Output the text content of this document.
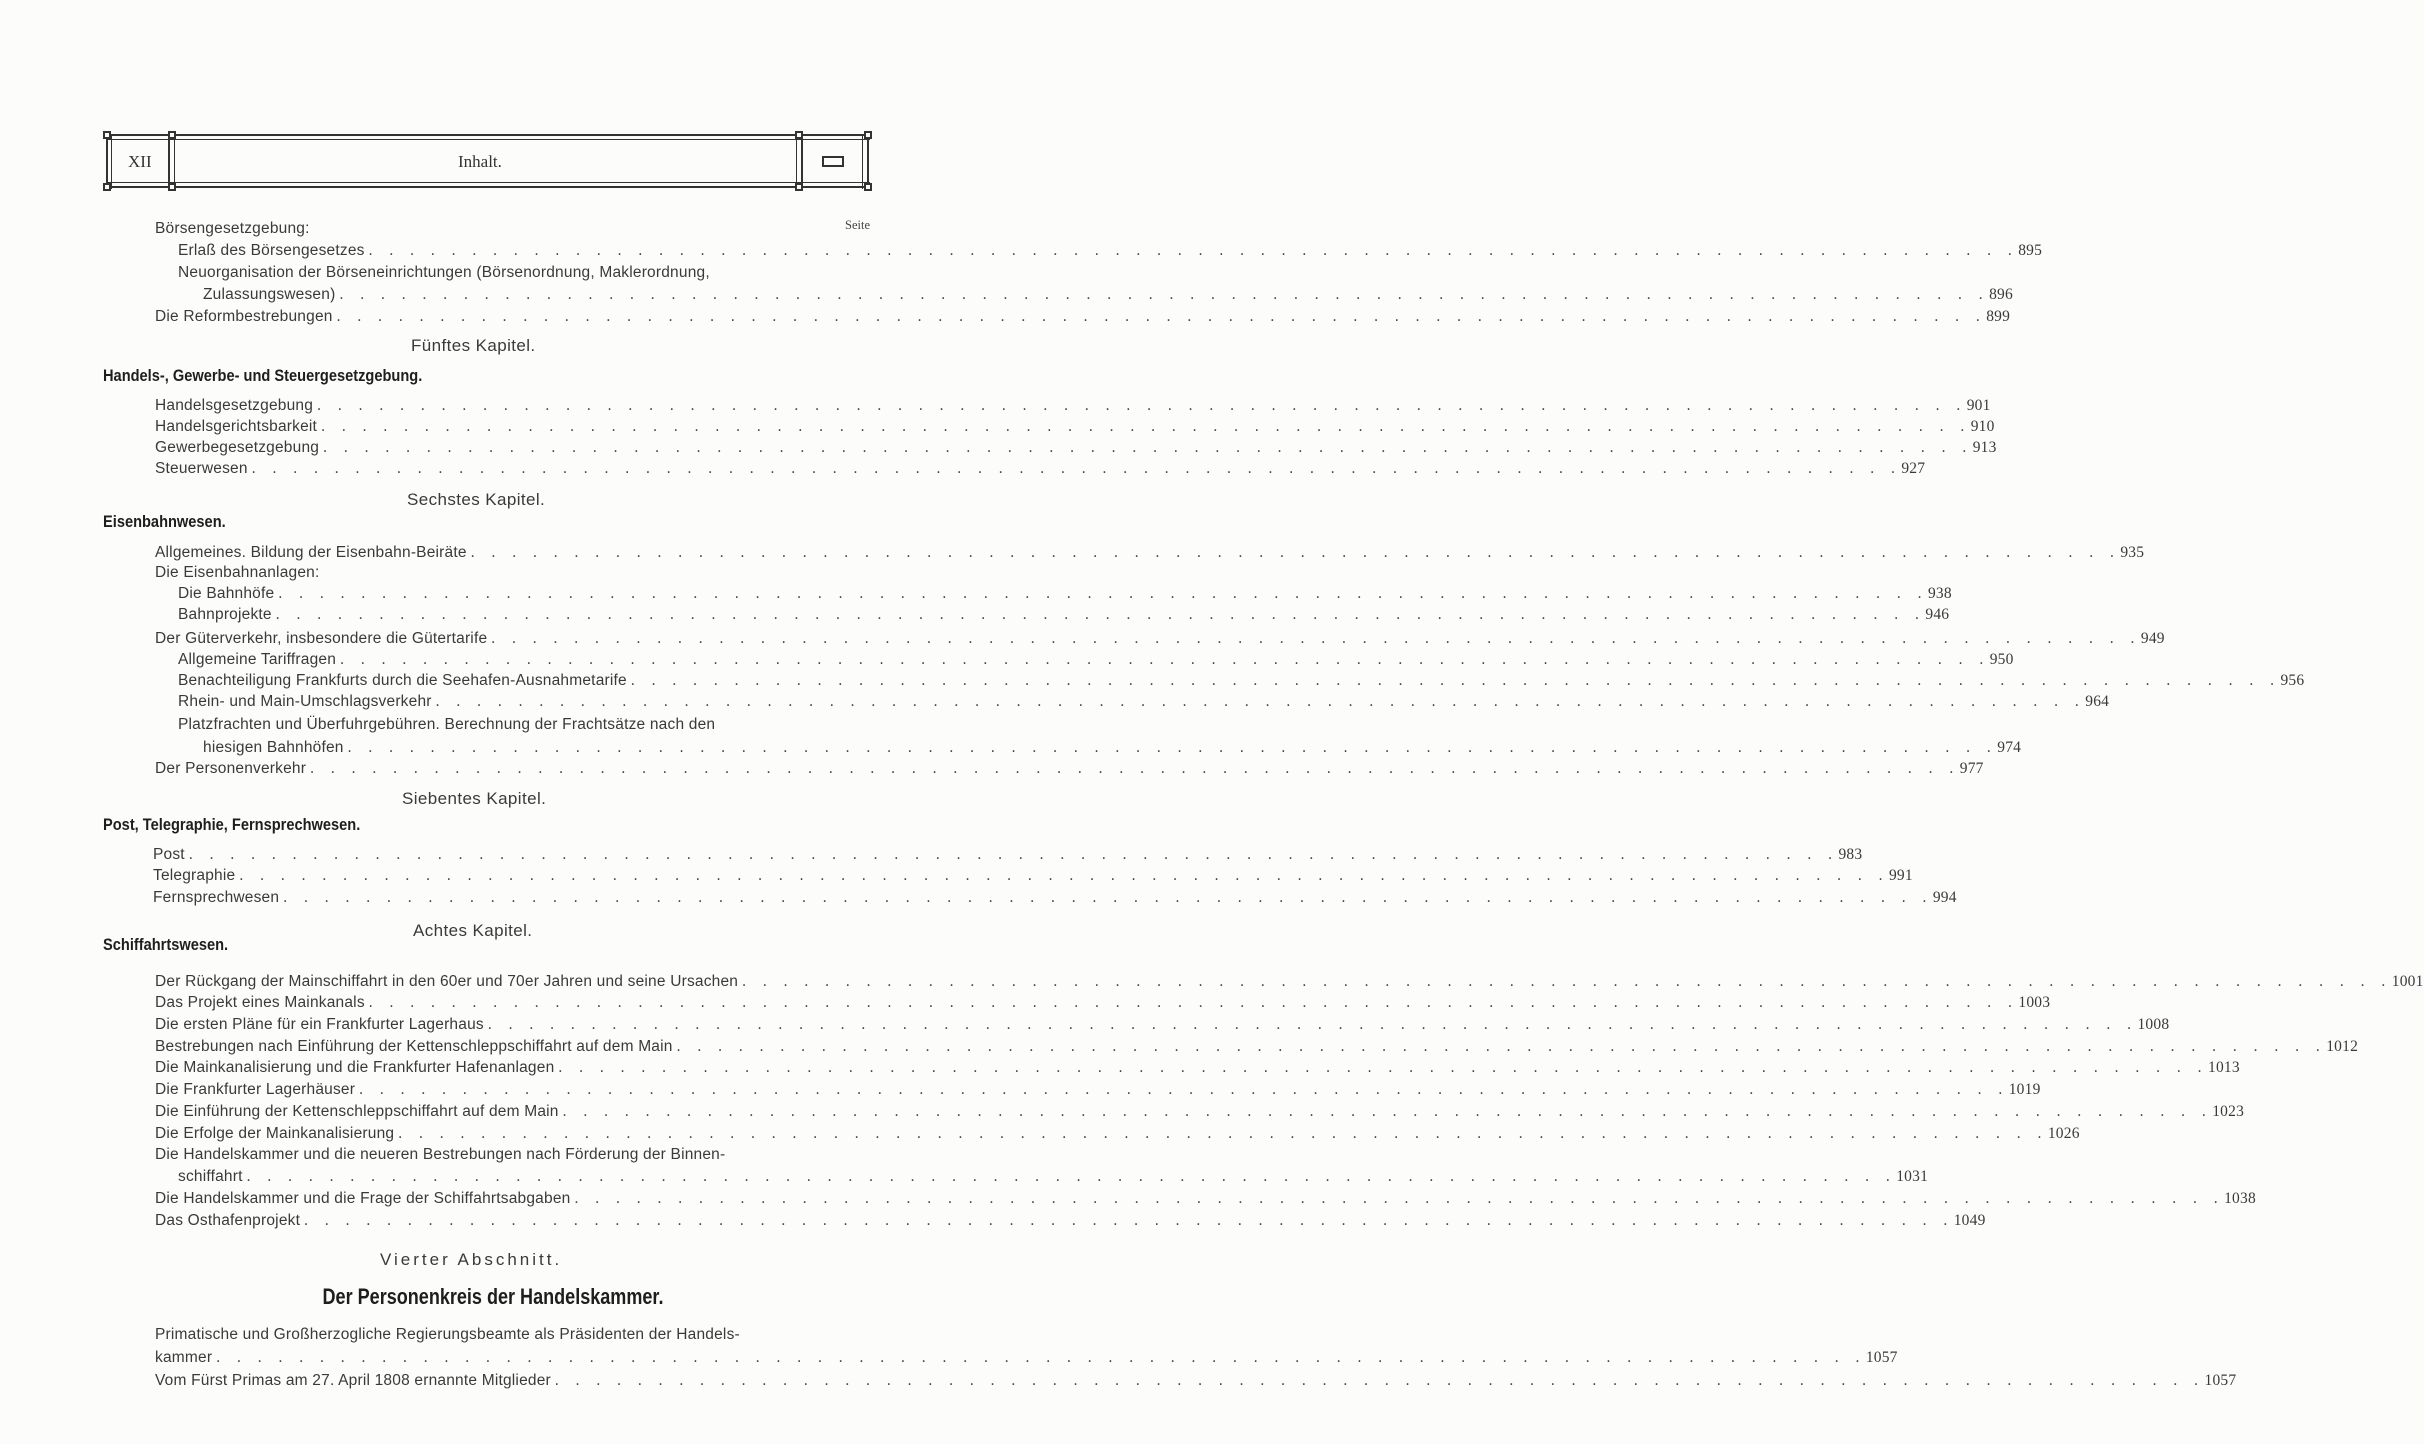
XII	Inhalt.
Seite
Börsengesetzgebung:
Erlaß des Börsengesetzes . . . . . . . . . . . . . . . . . . . . . . . . . . . . . . . . . . . . . . . . . . . . . . . . . . . . . . . . . . . . . . . . . . . . . . . . . . . . . . . . 895
Neuorganisation der Börseneinrichtungen (Börsenordnung, Maklerordnung,
Zulassungswesen) . . . . . . . . . . . . . . . . . . . . . . . . . . . . . . . . . . . . . . . . . . . . . . . . . . . . . . . . . . . . . . . . . . . . . . . . . . . . . . . . 896
Die Reformbestrebungen . . . . . . . . . . . . . . . . . . . . . . . . . . . . . . . . . . . . . . . . . . . . . . . . . . . . . . . . . . . . . . . . . . . . . . . . . . . . . . . . 899
Handelsgesetzgebung . . . . . . . . . . . . . . . . . . . . . . . . . . . . . . . . . . . . . . . . . . . . . . . . . . . . . . . . . . . . . . . . . . . . . . . . . . . . . . . . 901
Handelsgerichtsbarkeit . . . . . . . . . . . . . . . . . . . . . . . . . . . . . . . . . . . . . . . . . . . . . . . . . . . . . . . . . . . . . . . . . . . . . . . . . . . . . . . . 910
Gewerbegesetzgebung . . . . . . . . . . . . . . . . . . . . . . . . . . . . . . . . . . . . . . . . . . . . . . . . . . . . . . . . . . . . . . . . . . . . . . . . . . . . . . . . 913
Steuerwesen . . . . . . . . . . . . . . . . . . . . . . . . . . . . . . . . . . . . . . . . . . . . . . . . . . . . . . . . . . . . . . . . . . . . . . . . . . . . . . . . 927
Allgemeines. Bildung der Eisenbahn-Beiräte . . . . . . . . . . . . . . . . . . . . . . . . . . . . . . . . . . . . . . . . . . . . . . . . . . . . . . . . . . . . . . . . . . . . . . . . . . . . . . . . 935
Die Eisenbahnanlagen:
Die Bahnhöfe . . . . . . . . . . . . . . . . . . . . . . . . . . . . . . . . . . . . . . . . . . . . . . . . . . . . . . . . . . . . . . . . . . . . . . . . . . . . . . . . 938
Bahnprojekte . . . . . . . . . . . . . . . . . . . . . . . . . . . . . . . . . . . . . . . . . . . . . . . . . . . . . . . . . . . . . . . . . . . . . . . . . . . . . . . . 946
Der Güterverkehr, insbesondere die Gütertarife . . . . . . . . . . . . . . . . . . . . . . . . . . . . . . . . . . . . . . . . . . . . . . . . . . . . . . . . . . . . . . . . . . . . . . . . . . . . . . . . 949
Allgemeine Tariffragen . . . . . . . . . . . . . . . . . . . . . . . . . . . . . . . . . . . . . . . . . . . . . . . . . . . . . . . . . . . . . . . . . . . . . . . . . . . . . . . . 950
Benachteiligung Frankfurts durch die Seehafen-Ausnahmetarife . . . . . . . . . . . . . . . . . . . . . . . . . . . . . . . . . . . . . . . . . . . . . . . . . . . . . . . . . . . . . . . . . . . . . . . . . . . . . . . . 956
Rhein- und Main-Umschlagsverkehr . . . . . . . . . . . . . . . . . . . . . . . . . . . . . . . . . . . . . . . . . . . . . . . . . . . . . . . . . . . . . . . . . . . . . . . . . . . . . . . . 964
Platzfrachten und Überfuhrgebühren. Berechnung der Frachtsätze nach den
hiesigen Bahnhöfen . . . . . . . . . . . . . . . . . . . . . . . . . . . . . . . . . . . . . . . . . . . . . . . . . . . . . . . . . . . . . . . . . . . . . . . . . . . . . . . . 974
Der Personenverkehr . . . . . . . . . . . . . . . . . . . . . . . . . . . . . . . . . . . . . . . . . . . . . . . . . . . . . . . . . . . . . . . . . . . . . . . . . . . . . . . . 977
Post . . . . . . . . . . . . . . . . . . . . . . . . . . . . . . . . . . . . . . . . . . . . . . . . . . . . . . . . . . . . . . . . . . . . . . . . . . . . . . . . 983
Telegraphie . . . . . . . . . . . . . . . . . . . . . . . . . . . . . . . . . . . . . . . . . . . . . . . . . . . . . . . . . . . . . . . . . . . . . . . . . . . . . . . . 991
Fernsprechwesen . . . . . . . . . . . . . . . . . . . . . . . . . . . . . . . . . . . . . . . . . . . . . . . . . . . . . . . . . . . . . . . . . . . . . . . . . . . . . . . . 994
Der Rückgang der Mainschiffahrt in den 60er und 70er Jahren und seine Ursachen . . . . . . . . . . . . . . . . . . . . . . . . . . . . . . . . . . . . . . . . . . . . . . . . . . . . . . . . . . . . . . . . . . . . . . . . . . . . . . . . 1001
Das Projekt eines Mainkanals . . . . . . . . . . . . . . . . . . . . . . . . . . . . . . . . . . . . . . . . . . . . . . . . . . . . . . . . . . . . . . . . . . . . . . . . . . . . . . . . 1003
Die ersten Pläne für ein Frankfurter Lagerhaus . . . . . . . . . . . . . . . . . . . . . . . . . . . . . . . . . . . . . . . . . . . . . . . . . . . . . . . . . . . . . . . . . . . . . . . . . . . . . . . . 1008
Bestrebungen nach Einführung der Kettenschleppschiffahrt auf dem Main . . . . . . . . . . . . . . . . . . . . . . . . . . . . . . . . . . . . . . . . . . . . . . . . . . . . . . . . . . . . . . . . . . . . . . . . . . . . . . . . 1012
Die Mainkanalisierung und die Frankfurter Hafenanlagen . . . . . . . . . . . . . . . . . . . . . . . . . . . . . . . . . . . . . . . . . . . . . . . . . . . . . . . . . . . . . . . . . . . . . . . . . . . . . . . . 1013
Die Frankfurter Lagerhäuser . . . . . . . . . . . . . . . . . . . . . . . . . . . . . . . . . . . . . . . . . . . . . . . . . . . . . . . . . . . . . . . . . . . . . . . . . . . . . . . . 1019
Die Einführung der Kettenschleppschiffahrt auf dem Main . . . . . . . . . . . . . . . . . . . . . . . . . . . . . . . . . . . . . . . . . . . . . . . . . . . . . . . . . . . . . . . . . . . . . . . . . . . . . . . . 1023
Die Erfolge der Mainkanalisierung . . . . . . . . . . . . . . . . . . . . . . . . . . . . . . . . . . . . . . . . . . . . . . . . . . . . . . . . . . . . . . . . . . . . . . . . . . . . . . . . 1026
Die Handelskammer und die neueren Bestrebungen nach Förderung der Binnen-
schiffahrt . . . . . . . . . . . . . . . . . . . . . . . . . . . . . . . . . . . . . . . . . . . . . . . . . . . . . . . . . . . . . . . . . . . . . . . . . . . . . . . . 1031
Die Handelskammer und die Frage der Schiffahrtsabgaben . . . . . . . . . . . . . . . . . . . . . . . . . . . . . . . . . . . . . . . . . . . . . . . . . . . . . . . . . . . . . . . . . . . . . . . . . . . . . . . . 1038
Das Osthafenprojekt . . . . . . . . . . . . . . . . . . . . . . . . . . . . . . . . . . . . . . . . . . . . . . . . . . . . . . . . . . . . . . . . . . . . . . . . . . . . . . . . 1049
Primatische und Großherzogliche Regierungsbeamte als Präsidenten der Handels-
kammer . . . . . . . . . . . . . . . . . . . . . . . . . . . . . . . . . . . . . . . . . . . . . . . . . . . . . . . . . . . . . . . . . . . . . . . . . . . . . . . . 1057
Vom Fürst Primas am 27. April 1808 ernannte Mitglieder . . . . . . . . . . . . . . . . . . . . . . . . . . . . . . . . . . . . . . . . . . . . . . . . . . . . . . . . . . . . . . . . . . . . . . . . . . . . . . . . 1057
Fünftes Kapitel.
Handels-, Gewerbe- und Steuergesetzgebung.
Sechstes Kapitel.
Eisenbahnwesen.
Siebentes Kapitel.
Post, Telegraphie, Fernsprechwesen.
Achtes Kapitel.
Schiffahrtswesen.
Vierter Abschnitt.
Der Personenkreis der Handelskammer.
